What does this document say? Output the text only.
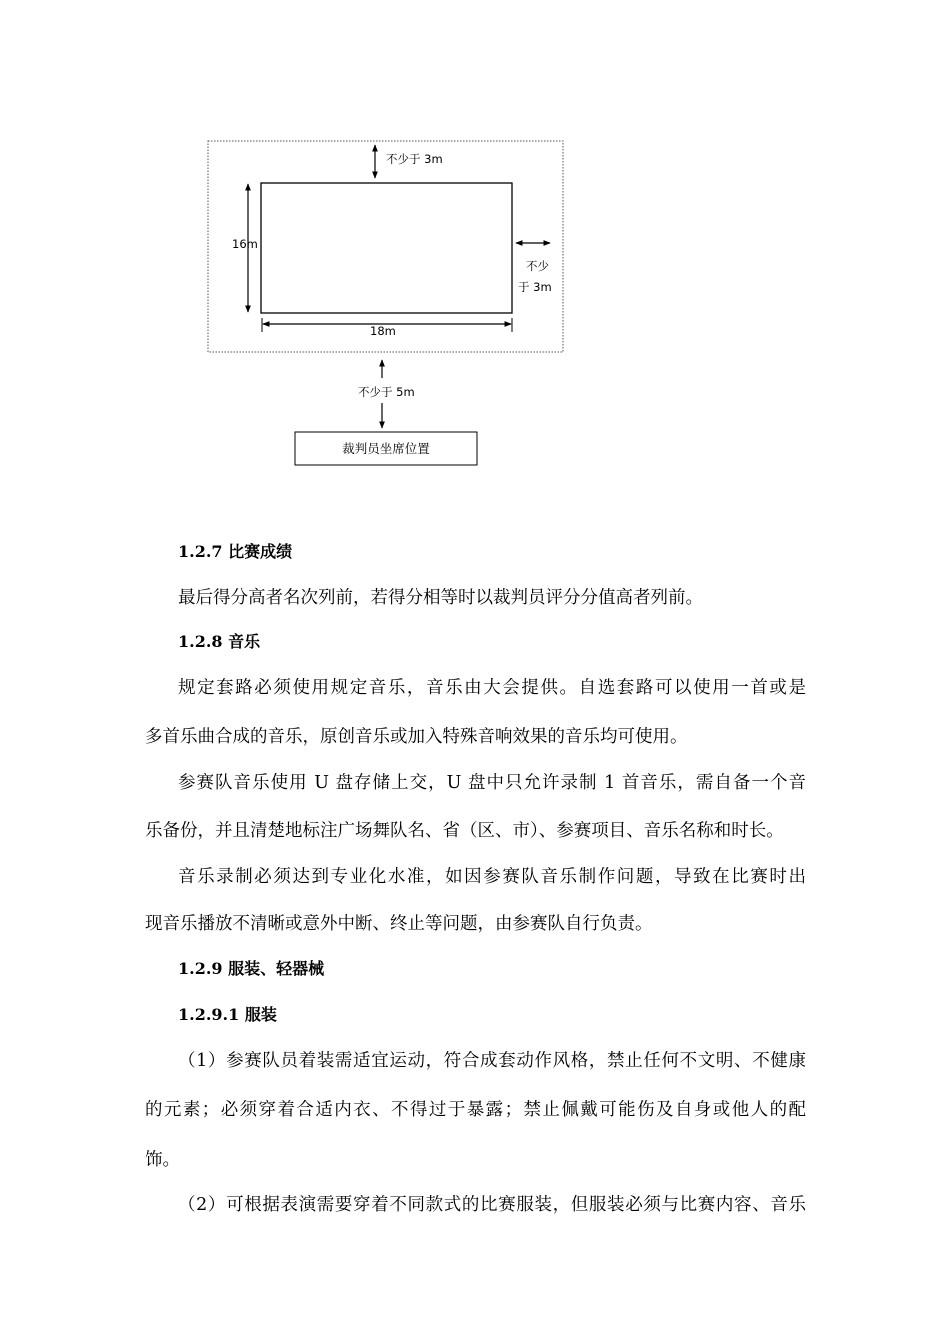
不少于 3m
16m
不少
于 3m
18m
不少于 5m
裁判员坐席位置

1.2.7 比赛成绩

最后得分高者名次列前，若得分相等时以裁判员评分分值高者列前。

1.2.8 音乐

规定套路必须使用规定音乐，音乐由大会提供。自选套路可以使用一首或是

多首乐曲合成的音乐，原创音乐或加入特殊音响效果的音乐均可使用。

参赛队音乐使用 U 盘存储上交，U 盘中只允许录制 1 首音乐，需自备一个音

乐备份，并且清楚地标注广场舞队名、省（区、市）、参赛项目、音乐名称和时长。

音乐录制必须达到专业化水准，如因参赛队音乐制作问题，导致在比赛时出

现音乐播放不清晰或意外中断、终止等问题，由参赛队自行负责。

1.2.9 服装、轻器械

1.2.9.1 服装

（1）参赛队员着装需适宜运动，符合成套动作风格，禁止任何不文明、不健康

的元素；必须穿着合适内衣、不得过于暴露；禁止佩戴可能伤及自身或他人的配

饰。

（2）可根据表演需要穿着不同款式的比赛服装，但服装必须与比赛内容、音乐
